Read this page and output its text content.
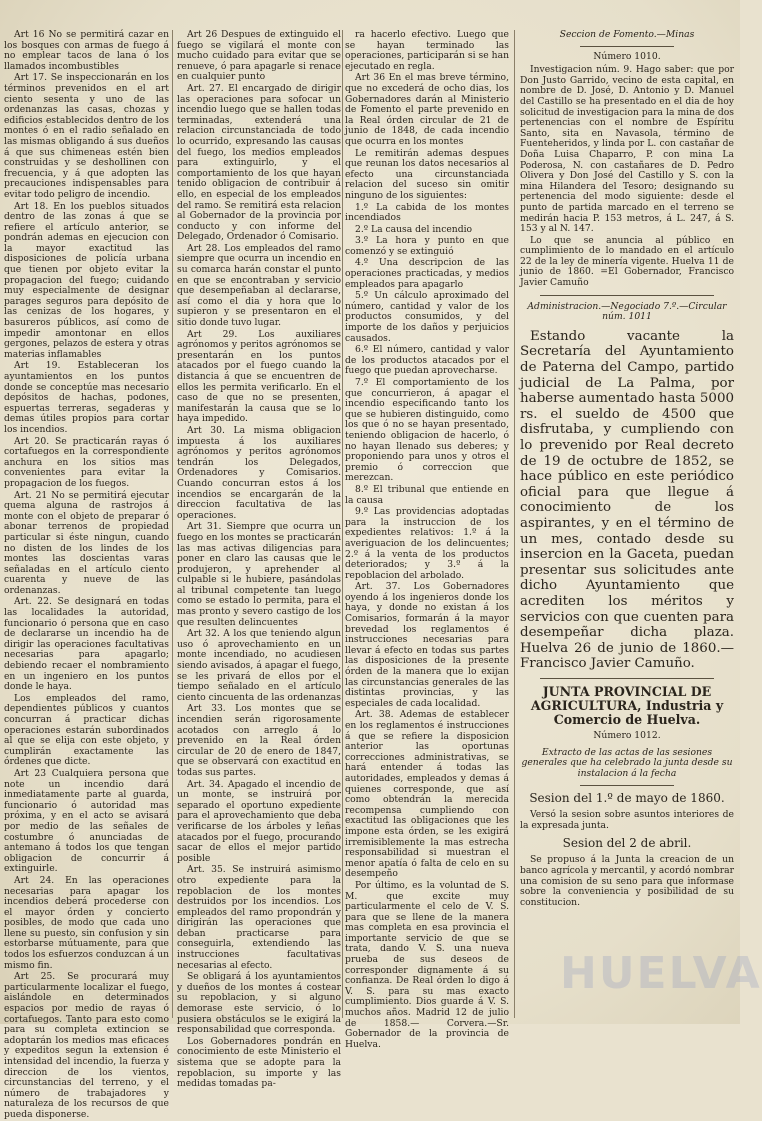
Art 16 No se permitirá cazar en los bosques con armas de fuego á no emplear tacos de lana ó los llamados incombustibles

Art 17. Se inspeccionarán en los términos prevenidos en el art ciento sesenta y uno de las ordenanzas las casas, chozas y edificios establecidos dentro de los montes ó en el radio señalado en las mismas obligando á sus dueños á que sus chimeneas estén bien construidas y se deshollinen con frecuencia, y á que adopten las precauciones indispensables para evitar todo peligro de incendio.

Art 18. En los pueblos situados dentro de las zonas á que se refiere el artículo anterior, se pondrán ademas en ejecucion con la mayor exactitud las disposiciones de policía urbana que tienen por objeto evitar la propagacion del fuego; cuidando muy especialmente de designar parages seguros para depósito de las cenizas de los hogares, y basureros públicos, así como de impedir amontonar en ellos gergones, pelazos de estera y otras materias inflamables

Art 19. Estableceran los ayuntamientos en los puntos donde se conceptúe mas necesario depósitos de hachas, podones, espuertas terreras, segaderas y demas útiles propios para cortar los incendios.

Art 20. Se practicarán rayas ó cortafuegos en la correspondiente anchura en los sitios mas convenientes para evitar la propagacion de los fuegos.

Art. 21 No se permitirá ejecutar quema alguna de rastrojos á monte con el objeto de preparar ó abonar terrenos de propiedad particular si éste ningun, cuando no disten de los lindes de los montes las doscientas varas señaladas en el artículo ciento cuarenta y nueve de las ordenanzas.

Art. 22. Se designará en todas las localidades la autoridad, funcionario ó persona que en caso de declararse un incendio ha de dirigir las operaciones facultativas necesarias para apagarlo; debiendo recaer el nombramiento en un ingeniero en los puntos donde le haya.

Los empleados del ramo, dependientes públicos y cuantos concurran á practicar dichas operaciones estarán subordinados al que se elija con este objeto, y cumplirán exactamente las órdenes que dicte.

Art 23 Cualquiera persona que note un incendio dará inmediatamente parte al guarda, funcionario ó autoridad mas próxima, y en el acto se avisará por medio de las señales de costumbre ó anunciadas de antemano á todos los que tengan obligacion de concurrir á extinguirle.

Art 24. En las operaciones necesarias para apagar los incendios deberá procederse con el mayor órden y concierto posibles, de modo que cada uno llene su puesto, sin confusion y sin estorbarse mútuamente, para que todos los esfuerzos conduzcan á un mismo fin.

Art 25. Se procurará muy particularmente localizar el fuego, aislándole en determinados espacios por medio de rayas ó cortafuegos. Tanto para esto como para su completa extincion se adoptarán los medios mas eficaces y expeditos segun la extension é intensidad del incendio, la fuerza y direccion de los vientos, circunstancias del terreno, y el número de trabajadores y naturaleza de los recursos de que pueda disponerse.

Art 26 Despues de extinguido el fuego se vigilará el monte con mucho cuidado para evitar que se renueve, ó para apagarle si renace en cualquier punto

Art. 27. El encargado de dirigir las operaciones para sofocar un incendio luego que se hallen todas terminadas, extenderá una relacion circunstanciada de todo lo ocurrido, expresando las causas del fuego, los medios empleados para extinguirlo, y el comportamiento de los que hayan tenido obligacion de contribuir á ello, en especial de los empleados del ramo. Se remitirá esta relacion al Gobernador de la provincia por conducto y con informe del Delegado, Ordenador ó Comisario.

Art 28. Los empleados del ramo siempre que ocurra un incendio en su comarca harán constar el punto en que se encontraban y servicio que desempeñaban al declararse, así como el dia y hora que lo supieron y se presentaron en el sitio donde tuvo lugar.

Art 29. Los auxiliares agrónomos y peritos agrónomos se presentarán en los puntos atacados por el fuego cuando la distancia á que se encuentren de ellos les permita verificarlo. En el caso de que no se presenten, manifestarán la causa que se lo haya impedido.

Art 30. La misma obligacion impuesta á los auxiliares agrónomos y peritos agrónomos tendrán los Delegados, Ordenadores y Comisarios. Cuando concurran estos á los incendios se encargarán de la direccion facultativa de las operaciones.

Art 31. Siempre que ocurra un fuego en los montes se practicarán las mas activas diligencias para poner en claro las causas que le produjeron, y aprehender al culpable si le hubiere, pasándolas al tribunal competente tan luego como se estado lo permita, para el mas pronto y severo castigo de los que resulten delincuentes

Art 32. A los que teniendo algun uso ó aprovechamiento en un monte incendiado, no acudiesen siendo avisados, á apagar el fuego, se les privará de ellos por el tiempo señalado en el artículo ciento cincuenta de las ordenanzas

Art 33. Los montes que se incendien serán rigorosamente acotados con arreglo á lo prevenido en la Real órden circular de 20 de enero de 1847, que se observará con exactitud en todas sus partes.

Art. 34. Apagado el incendio de un monte, se instruirá por separado el oportuno expediente para el aprovechamiento que deba verificarse de los árboles y leñas atacados por el fuego, procurando sacar de ellos el mejor partido posible

Art. 35. Se instruirá asimismo otro expediente para la repoblacion de los montes destruidos por los incendios. Los empleados del ramo propondrán y dirigirán las operaciones que deban practicarse para conseguirla, extendiendo las instrucciones facultativas necesarias al efecto.

Se obligará á los ayuntamientos y dueños de los montes á costear su repoblacion, y si alguno demorase este servicio, ó lo pusiera obstáculos se le exigirá la responsabilidad que corresponda.

Los Gobernadores pondrán en conocimiento de este Ministerio el sistema que se adopte para la repoblacion, su importe y las medidas tomadas pa-

ra hacerlo efectivo. Luego que se hayan terminado las operaciones, participarán si se han ejecutado en regla.

Art 36 En el mas breve término, que no excederá de ocho dias, los Gobernadores darán al Ministerio de Fomento el parte prevenido en la Real órden circular de 21 de junio de 1848, de cada incendio que ocurra en los montes

Le remitirán ademas despues que reunan los datos necesarios al efecto una circunstanciada relacion del suceso sin omitir ninguno de los siguientes:

1.º La cabida de los montes incendiados

2.º La causa del incendio

3.º La hora y punto en que comenzó y se extinguió

4.º Una descripcion de las operaciones practicadas, y medios empleados para apagarlo

5.º Un cálculo aproximado del número, cantidad y valor de los productos consumidos, y del importe de los daños y perjuicios causados.

6.º El número, cantidad y valor de los productos atacados por el fuego que puedan aprovecharse.

7.º El comportamiento de los que concurrieron, á apagar el incendio especificando tanto los que se hubieren distinguido, como los que ó no se hayan presentado, teniendo obligacion de hacerlo, ó no hayan llenado sus deberes; y proponiendo para unos y otros el premio ó correccion que merezcan.

8.º El tribunal que entiende en la causa

9.º Las providencias adoptadas para la instruccion de los expedientes relativos: 1.º á la averiguacion de los delincuentes; 2.º á la venta de los productos deteriorados; y 3.º á la repoblacion del arbolado.

Art. 37. Los Gobernadores oyendo á los ingenieros donde los haya, y donde no existan á los Comisarios, formarán á la mayor brevedad los reglamentos é instrucciones necesarias para llevar á efecto en todas sus partes las disposiciones de la presente órden de la manera que lo exijan las circunstancias generales de las distintas provincias, y las especiales de cada localidad.

Art. 38. Ademas de establecer en los reglamentos é instrucciones á que se refiere la disposicion anterior las oportunas correcciones administrativas, se hará entender á todas las autoridades, empleados y demas á quienes corresponde, que así como obtendrán la merecida recompensa cumpliendo con exactitud las obligaciones que les impone esta órden, se les exigirá irremisiblemente la mas estrecha responsabilidad si muestran el menor apatía ó falta de celo en su desempeño

Por último, es la voluntad de S. M. que excite muy particularmente el celo de V. S. para que se llene de la manera mas completa en esa provincia el importante servicio de que se trata, dando V. S. una nueva prueba de sus deseos de corresponder dignamente á su confianza. De Real órden lo digo á V. S. para su mas exacto cumplimiento. Dios guarde á V. S. muchos años. Madrid 12 de julio de 1858.— Corvera.—Sr. Gobernador de la provincia de Huelva.

Seccion de Fomento.—Minas

Número 1010.

Investigacion núm. 9. Hago saber: que por Don Justo Garrido, vecino de esta capital, en nombre de D. José, D. Antonio y D. Manuel del Castillo se ha presentado en el dia de hoy solicitud de investigacion para la mina de dos pertenencias con el nombre de Espíritu Santo, sita en Navasola, término de Fuenteheridos, y linda por L. con castañar de Doña Luisa Chaparro, P. con mina La Poderosa, N. con castañares de D. Pedro Olivera y Don José del Castillo y S. con la mina Hilandera del Tesoro; designando su pertenencia del modo siguiente: desde el punto de partida marcado en el terreno se medirán hacia P. 153 metros, á L. 247, á S. 153 y al N. 147.

Lo que se anuncia al público en cumplimiento de lo mandado en el artículo 22 de la ley de minería vigente. Huelva 11 de junio de 1860. =El Gobernador, Francisco Javier Camuño

Administracion.—Negociado 7.º.—Circular núm. 1011

Estando vacante la Secretaría del Ayuntamiento de Paterna del Campo, partido judicial de La Palma, por haberse aumentado hasta 5000 rs. el sueldo de 4500 que disfrutaba, y cumpliendo con lo prevenido por Real decreto de 19 de octubre de 1852, se hace público en este periódico oficial para que llegue á conocimiento de los aspirantes, y en el término de un mes, contado desde su insercion en la Gaceta, puedan presentar sus solicitudes ante dicho Ayuntamiento que acrediten los méritos y servicios con que cuenten para desempeñar dicha plaza. Huelva 26 de junio de 1860.— Francisco Javier Camuño.

JUNTA PROVINCIAL DE AGRICULTURA, Industria y Comercio de Huelva.

Número 1012.

Extracto de las actas de las sesiones generales que ha celebrado la junta desde su instalacion á la fecha

Sesion del 1.º de mayo de 1860.

Versó la sesion sobre asuntos interiores de la expresada junta.

Sesion del 2 de abril.

Se propuso á la Junta la creacion de un banco agrícola y mercantil, y acordó nombrar una comision de su seno para que informase sobre la conveniencia y posibilidad de su constitucion.

HUELVA
